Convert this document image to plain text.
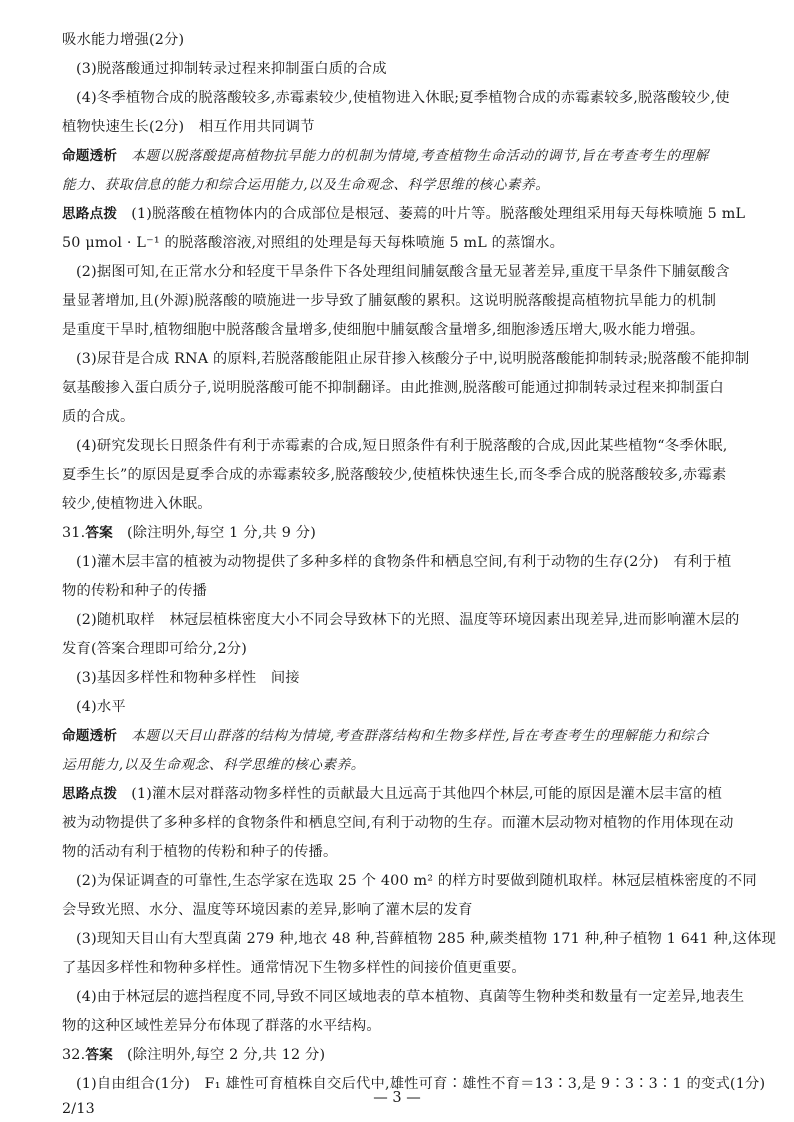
吸水能力增强(2分)
(3)脱落酸通过抑制转录过程来抑制蛋白质的合成
(4)冬季植物合成的脱落酸较多,赤霉素较少,使植物进入休眠;夏季植物合成的赤霉素较多,脱落酸较少,使
植物快速生长(2分)　相互作用共同调节
命题透析 本题以脱落酸提高植物抗旱能力的机制为情境,考查植物生命活动的调节,旨在考查考生的理解
能力、获取信息的能力和综合运用能力,以及生命观念、科学思维的核心素养。
思路点拨 (1)脱落酸在植物体内的合成部位是根冠、萎蔫的叶片等。脱落酸处理组采用每天每株喷施 5 mL
50 μmol · L⁻¹ 的脱落酸溶液,对照组的处理是每天每株喷施 5 mL 的蒸馏水。
(2)据图可知,在正常水分和轻度干旱条件下各处理组间脯氨酸含量无显著差异,重度干旱条件下脯氨酸含
量显著增加,且(外源)脱落酸的喷施进一步导致了脯氨酸的累积。这说明脱落酸提高植物抗旱能力的机制
是重度干旱时,植物细胞中脱落酸含量增多,使细胞中脯氨酸含量增多,细胞渗透压增大,吸水能力增强。
(3)尿苷是合成 RNA 的原料,若脱落酸能阻止尿苷掺入核酸分子中,说明脱落酸能抑制转录;脱落酸不能抑制
氨基酸掺入蛋白质分子,说明脱落酸可能不抑制翻译。由此推测,脱落酸可能通过抑制转录过程来抑制蛋白
质的合成。
(4)研究发现长日照条件有利于赤霉素的合成,短日照条件有利于脱落酸的合成,因此某些植物“冬季休眠,
夏季生长”的原因是夏季合成的赤霉素较多,脱落酸较少,使植株快速生长,而冬季合成的脱落酸较多,赤霉素
较少,使植物进入休眠。
31.答案 (除注明外,每空 1 分,共 9 分)
(1)灌木层丰富的植被为动物提供了多种多样的食物条件和栖息空间,有利于动物的生存(2分)　有利于植
物的传粉和种子的传播
(2)随机取样　林冠层植株密度大小不同会导致林下的光照、温度等环境因素出现差异,进而影响灌木层的
发育(答案合理即可给分,2分)
(3)基因多样性和物种多样性　间接
(4)水平
命题透析 本题以天目山群落的结构为情境,考查群落结构和生物多样性,旨在考查考生的理解能力和综合
运用能力,以及生命观念、科学思维的核心素养。
思路点拨 (1)灌木层对群落动物多样性的贡献最大且远高于其他四个林层,可能的原因是灌木层丰富的植
被为动物提供了多种多样的食物条件和栖息空间,有利于动物的生存。而灌木层动物对植物的作用体现在动
物的活动有利于植物的传粉和种子的传播。
(2)为保证调查的可靠性,生态学家在选取 25 个 400 m² 的样方时要做到随机取样。林冠层植株密度的不同
会导致光照、水分、温度等环境因素的差异,影响了灌木层的发育
(3)现知天目山有大型真菌 279 种,地衣 48 种,苔藓植物 285 种,蕨类植物 171 种,种子植物 1 641 种,这体现
了基因多样性和物种多样性。通常情况下生物多样性的间接价值更重要。
(4)由于林冠层的遮挡程度不同,导致不同区域地表的草本植物、真菌等生物种类和数量有一定差异,地表生
物的这种区域性差异分布体现了群落的水平结构。
32.答案 (除注明外,每空 2 分,共 12 分)
(1)自由组合(1分)　F₁ 雄性可育植株自交后代中,雄性可育∶雄性不育＝13∶3,是 9∶3∶3∶1 的变式(1分)
2/13
— 3 —
